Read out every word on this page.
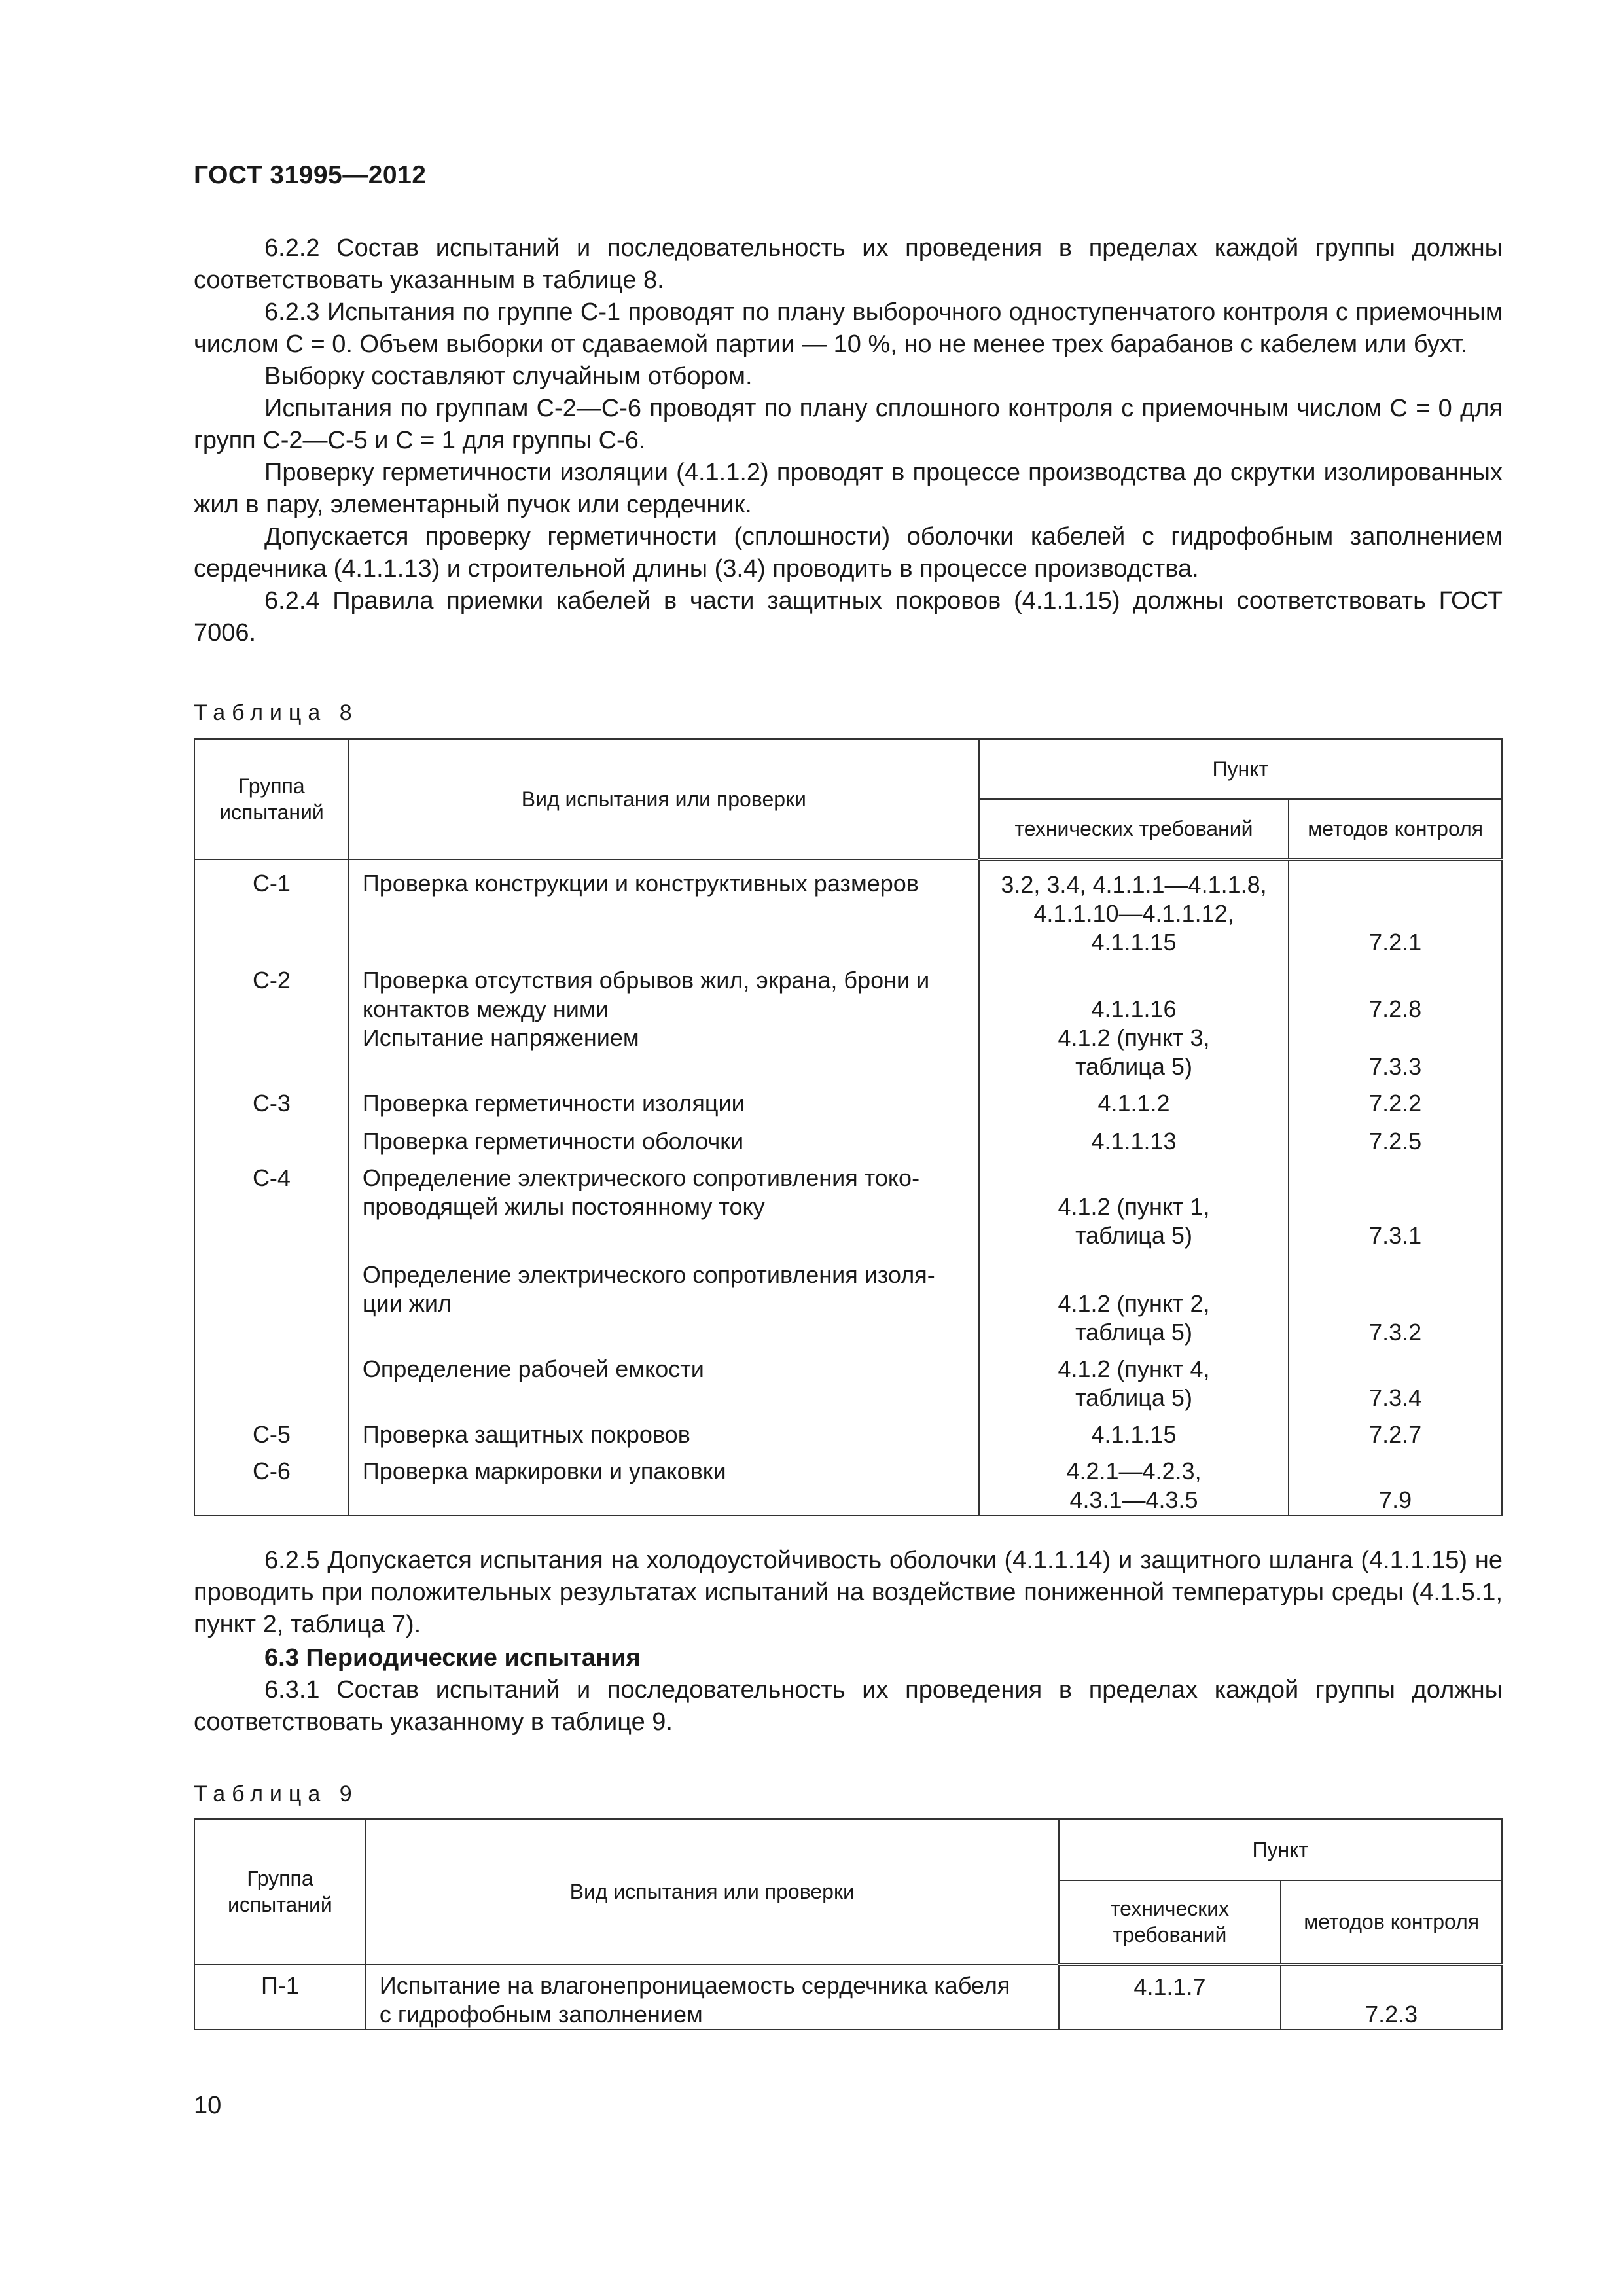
ГОСТ 31995—2012

6.2.2 Состав испытаний и последовательность их проведения в пределах каждой группы должны соответствовать указанным в таблице 8.

6.2.3 Испытания по группе С-1 проводят по плану выборочного одноступенчатого контроля с приемочным числом C = 0. Объем выборки от сдаваемой партии — 10 %, но не менее трех барабанов с кабелем или бухт.

Выборку составляют случайным отбором.

Испытания по группам С-2—С-6 проводят по плану сплошного контроля с приемочным числом C = 0 для групп С-2—С-5 и C = 1 для группы С-6.

Проверку герметичности изоляции (4.1.1.2) проводят в процессе производства до скрутки изолированных жил в пару, элементарный пучок или сердечник.

Допускается проверку герметичности (сплошности) оболочки кабелей с гидрофобным заполнением сердечника (4.1.1.13) и строительной длины (3.4) проводить в процессе производства.

6.2.4 Правила приемки кабелей в части защитных покровов (4.1.1.15) должны соответствовать ГОСТ 7006.

Таблица 8
Группа испытаний	Вид испытания или проверки	Пункт	
		технических требований	методов контроля
С-1	Проверка конструкции и конструктивных размеров	3.2, 3.4, 4.1.1.1—4.1.1.8,
4.1.1.10—4.1.1.12,
4.1.1.15	7.2.1
С-2	Проверка отсутствия обрывов жил, экрана, брони и
контактов между ними	4.1.1.16	7.2.8

	Испытание напряжением	4.1.2 (пункт 3,
таблица 5)	7.3.3
С-3	Проверка герметичности изоляции	4.1.1.2	7.2.2

	Проверка герметичности оболочки	4.1.1.13	7.2.5
С-4	Определение электрического сопротивления токо-
проводящей жилы постоянному току	4.1.2 (пункт 1,
таблица 5)	7.3.1

	Определение электрического сопротивления изоля-
ции жил	4.1.2 (пункт 2,
таблица 5)	7.3.2

	Определение рабочей емкости	4.1.2 (пункт 4,
таблица 5)	7.3.4
С-5	Проверка защитных покровов	4.1.1.15	7.2.7
С-6	Проверка маркировки и упаковки	4.2.1—4.2.3,
4.3.1—4.3.5	7.9

6.2.5 Допускается испытания на холодоустойчивость оболочки (4.1.1.14) и защитного шланга (4.1.1.15) не проводить при положительных результатах испытаний на воздействие пониженной температуры среды (4.1.5.1, пункт 2, таблица 7).

6.3 Периодические испытания

6.3.1 Состав испытаний и последовательность их проведения в пределах каждой группы должны соответствовать указанному в таблице 9.

Таблица 9
Группа испытаний	Вид испытания или проверки	Пункт	
		технических требований	методов контроля
П-1	Испытание на влагонепроницаемость сердечника кабеля
с гидрофобным заполнением	4.1.1.7	7.2.3
10
